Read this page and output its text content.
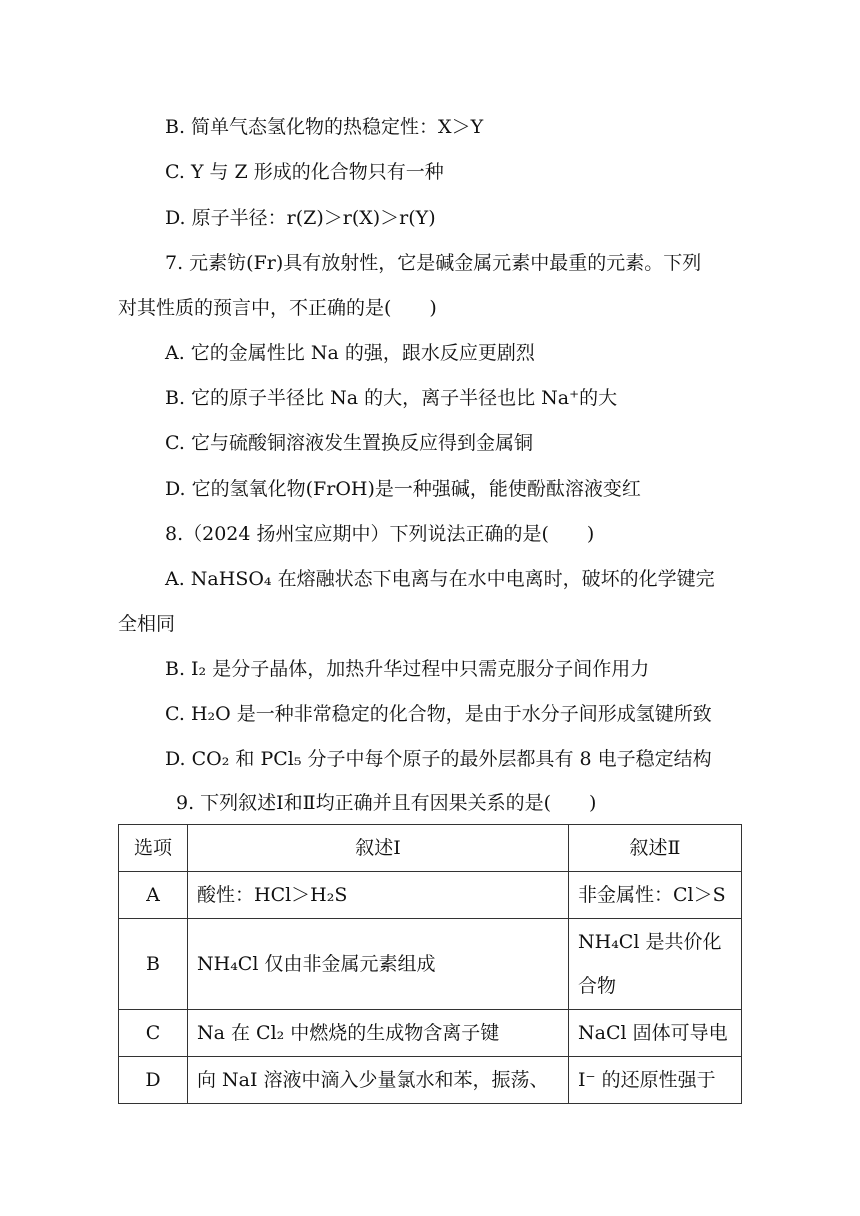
B. 简单气态氢化物的热稳定性：X＞Y
C. Y 与 Z 形成的化合物只有一种
D. 原子半径：r(Z)＞r(X)＞r(Y)
7. 元素钫(Fr)具有放射性，它是碱金属元素中最重的元素。下列
对其性质的预言中，不正确的是(　　)
A. 它的金属性比 Na 的强，跟水反应更剧烈
B. 它的原子半径比 Na 的大，离子半径也比 Na⁺的大
C. 它与硫酸铜溶液发生置换反应得到金属铜
D. 它的氢氧化物(FrOH)是一种强碱，能使酚酞溶液变红
8.（2024 扬州宝应期中）下列说法正确的是(　　)
A. NaHSO₄ 在熔融状态下电离与在水中电离时，破坏的化学键完
全相同
B. I₂ 是分子晶体，加热升华过程中只需克服分子间作用力
C. H₂O 是一种非常稳定的化合物，是由于水分子间形成氢键所致
D. CO₂ 和 PCl₅ 分子中每个原子的最外层都具有 8 电子稳定结构
9. 下列叙述Ⅰ和Ⅱ均正确并且有因果关系的是(　　)
选项	叙述Ⅰ	叙述Ⅱ
A	酸性：HCl＞H₂S	非金属性：Cl＞S
B	NH₄Cl 仅由非金属元素组成	NH₄Cl 是共价化合物
C	Na 在 Cl₂ 中燃烧的生成物含离子键	NaCl 固体可导电
D	向 NaI 溶液中滴入少量氯水和苯，振荡、	I⁻ 的还原性强于
